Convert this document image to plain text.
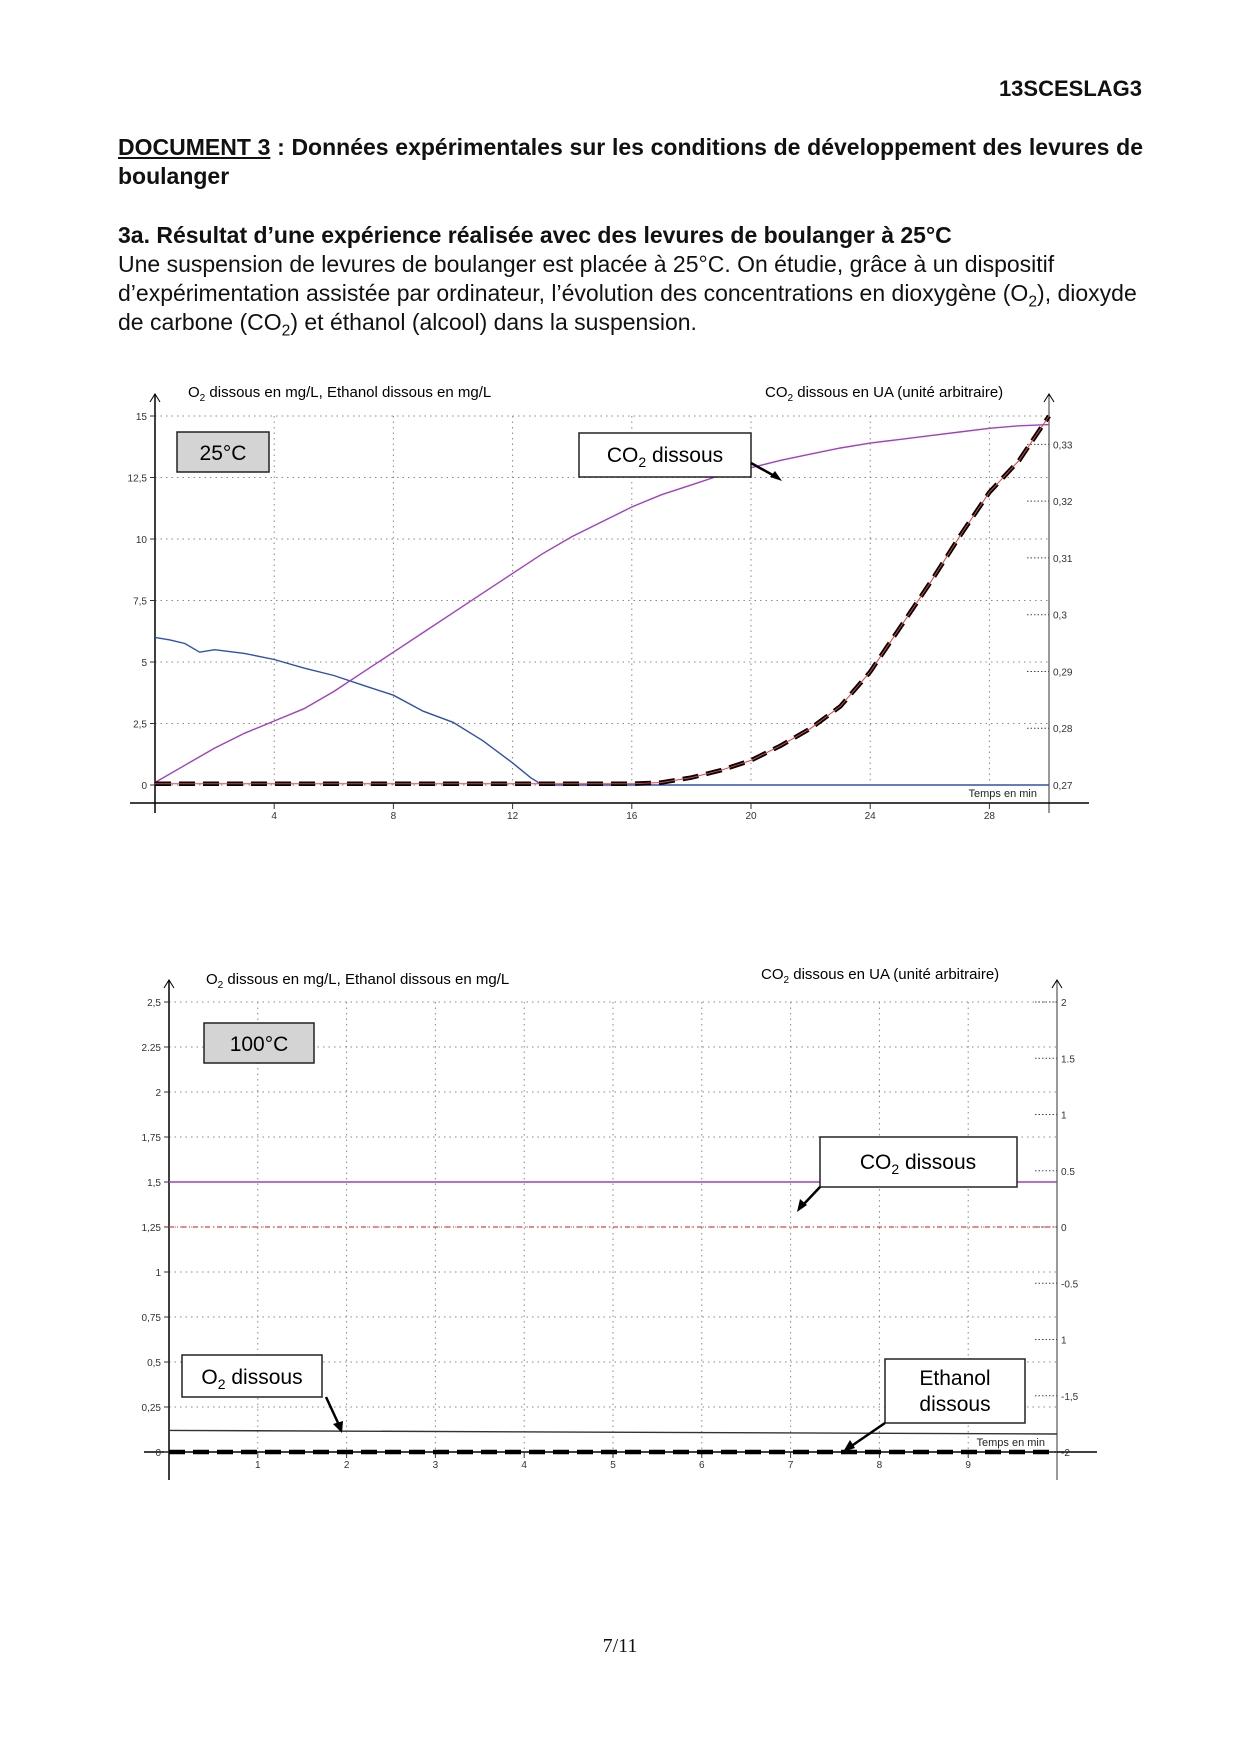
13SCESLAG3
DOCUMENT 3 : Données expérimentales sur les conditions de développement des levures de boulanger
3a. Résultat d’une expérience réalisée avec des levures de boulanger à 25°C
Une suspension de levures de boulanger est placée à 25°C. On étudie, grâce à un dispositif d’expérimentation assistée par ordinateur, l’évolution des concentrations en dioxygène $(O_2)$, dioxyde de carbone $(CO_2)$ et éthanol (alcool) dans la suspension.
4	8	12	16	20	24	28
0
2,5
5
7,5
10
12,5
15
0,27
0,28
0,29
0,3
0,31
0,32
0,33
Temps en min
$O_2$ dissous en mg/L, Ethanol dissous en mg/L	$CO_2$ dissous en UA (unité arbitraire)
25°C	$CO_2$ dissous
1	2	3	4	5	6	7	8	9
0
0,25
0,5
0,75
1
1,25
1,5
1,75
2
2.25
2,5
-2
-1,5
1
-0.5
0
0.5
1
1.5
2
Temps en min
$O_2$ dissous en mg/L, Ethanol dissous en mg/L	$CO_2$ dissous en UA (unité arbitraire)
100°C
$CO_2$ dissous
$O_2$ dissous	Ethanol
dissous
7/11
